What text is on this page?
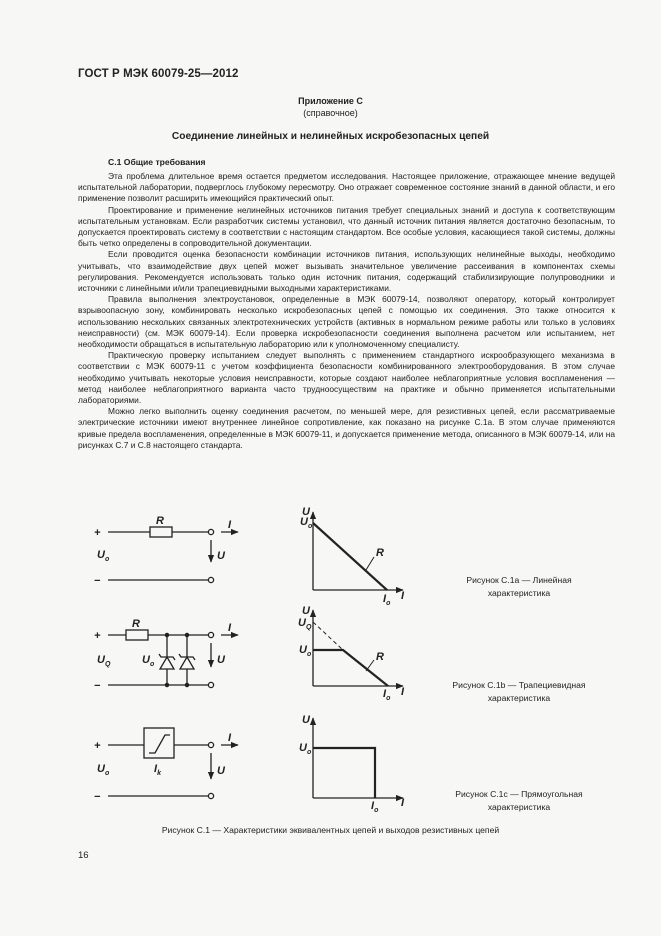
ГОСТ Р МЭК 60079-25—2012
Приложение С
(справочное)
Соединение линейных и нелинейных искробезопасных цепей
С.1 Общие требования

Эта проблема длительное время остается предметом исследования. Настоящее приложение, отражающее мнение ведущей испытательной лаборатории, подверглось глубокому пересмотру. Оно отражает современное состояние знаний в данной области, и его применение позволит расширить имеющийся практический опыт.

Проектирование и применение нелинейных источников питания требует специальных знаний и доступа к соответствующим испытательным установкам. Если разработчик системы установил, что данный источник питания является достаточно безопасным, то допускается проектировать систему в соответствии с настоящим стандартом. Все особые условия, касающиеся такой системы, должны быть четко определены в сопроводительной документации.

Если проводится оценка безопасности комбинации источников питания, использующих нелинейные выходы, необходимо учитывать, что взаимодействие двух цепей может вызывать значительное увеличение рассеивания в компонентах схемы регулирования. Рекомендуется использовать только один источник питания, содержащий стабилизирующие полупроводники и источники с линейными и/или трапециевидными выходными характеристиками.

Правила выполнения электроустановок, определенные в МЭК 60079-14, позволяют оператору, который контролирует взрывоопасную зону, комбинировать несколько искробезопасных цепей с помощью их соединения. Это также относится к использованию нескольких связанных электротехнических устройств (активных в нормальном режиме работы или только в условиях неисправности) (см. МЭК 60079-14). Если проверка искробезопасности соединения выполнена расчетом или испытанием, нет необходимости обращаться в испытательную лабораторию или к уполномоченному специалисту.

Практическую проверку испытанием следует выполнять с применением стандартного искрообразующего механизма в соответствии с МЭК 60079-11 с учетом коэффициента безопасности комбинированного электрооборудования. В этом случае необходимо учитывать некоторые условия неисправности, которые создают наиболее неблагоприятные условия воспламенения — метод наиболее неблагоприятного варианта часто трудноосуществим на практике и обычно применяется испытательными лабораториями.

Можно легко выполнить оценку соединения расчетом, по меньшей мере, для резистивных цепей, если рассматриваемые электрические источники имеют внутреннее линейное сопротивление, как показано на рисунке С.1а. В этом случае применяются кривые предела воспламенения, определенные в МЭК 60079-11, и допускается применение метода, описанного в МЭК 60079-14, или на рисунках С.7 и С.8 настоящего стандарта.

+
−
R	I
U
$U_o$
U
$U_o$
R
$I_o$
I
+
−
R	I
U
$U_Q$	$U_o$
U
$U_Q$
$U_o$	R
$I_o$
I
+
−
I
U
$U_o$	$I_k$
U
$U_o$
$I_o$
I
Рисунок С.1а — Линейная
характеристика
Рисунок С.1b — Трапециевидная
характеристика
Рисунок С.1с — Прямоугольная
характеристика
Рисунок С.1 — Характеристики эквивалентных цепей и выходов резистивных цепей
16
